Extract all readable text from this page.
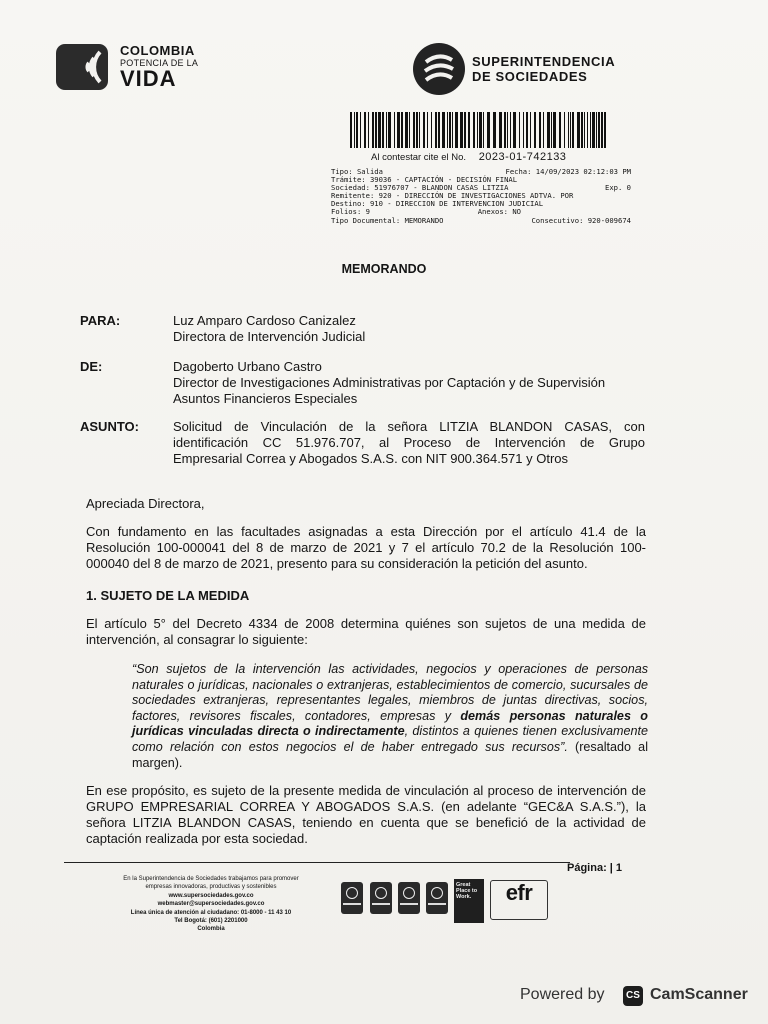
COLOMBIA
POTENCIA DE LA
VIDA
SUPERINTENDENCIA
DE SOCIEDADES
Al contestar cite el No. 2023-01-742133
Tipo: Salida	Fecha: 14/09/2023 02:12:03 PM
Trámite: 39036 - CAPTACIÓN - DECISIÓN FINAL
Sociedad: 51976707 - BLANDON CASAS LITZIA	Exp. 0
Remitente: 920 - DIRECCIÓN DE INVESTIGACIONES ADTVA. POR
Destino: 910 - DIRECCION DE INTERVENCION JUDICIAL
Folios: 9	Anexos: NO
Tipo Documental: MEMORANDO	Consecutivo: 920-009674
MEMORANDO
PARA:	Luz Amparo Cardoso Canizalez
Directora de Intervención Judicial
DE:	Dagoberto Urbano Castro
Director de Investigaciones Administrativas por Captación y de Supervisión
Asuntos Financieros Especiales
ASUNTO:	Solicitud de Vinculación de la señora LITZIA BLANDON CASAS, con
identificación CC 51.976.707, al Proceso de Intervención de Grupo
Empresarial Correa y Abogados S.A.S. con NIT 900.364.571 y Otros
Apreciada Directora,
Con fundamento en las facultades asignadas a esta Dirección por el artículo 41.4 de la Resolución 100-000041 del 8 de marzo de 2021 y 7 el artículo 70.2 de la Resolución 100-000040 del 8 de marzo de 2021, presento para su consideración la petición del asunto.
1. SUJETO DE LA MEDIDA
El artículo 5° del Decreto 4334 de 2008 determina quiénes son sujetos de una medida de intervención, al consagrar lo siguiente:
“Son sujetos de la intervención las actividades, negocios y operaciones de personas naturales o jurídicas, nacionales o extranjeras, establecimientos de comercio, sucursales de sociedades extranjeras, representantes legales, miembros de juntas directivas, socios, factores, revisores fiscales, contadores, empresas y demás personas naturales o jurídicas vinculadas directa o indirectamente, distintos a quienes tienen exclusivamente como relación con estos negocios el de haber entregado sus recursos”. (resaltado al margen).
En ese propósito, es sujeto de la presente medida de vinculación al proceso de intervención de GRUPO EMPRESARIAL CORREA Y ABOGADOS S.A.S. (en adelante “GEC&A S.A.S.”), la señora LITZIA BLANDON CASAS, teniendo en cuenta que se benefició de la actividad de captación realizada por esta sociedad.
Página: | 1
En la Superintendencia de Sociedades trabajamos para promover
empresas innovadoras, productivas y sostenibles
www.supersociedades.gov.co
webmaster@supersociedades.gov.co
Línea única de atención al ciudadano: 01-8000 - 11 43 10
Tel Bogotá: (601) 2201000
Colombia
Great Place to Work.	efr

Powered by	CS CamScanner
